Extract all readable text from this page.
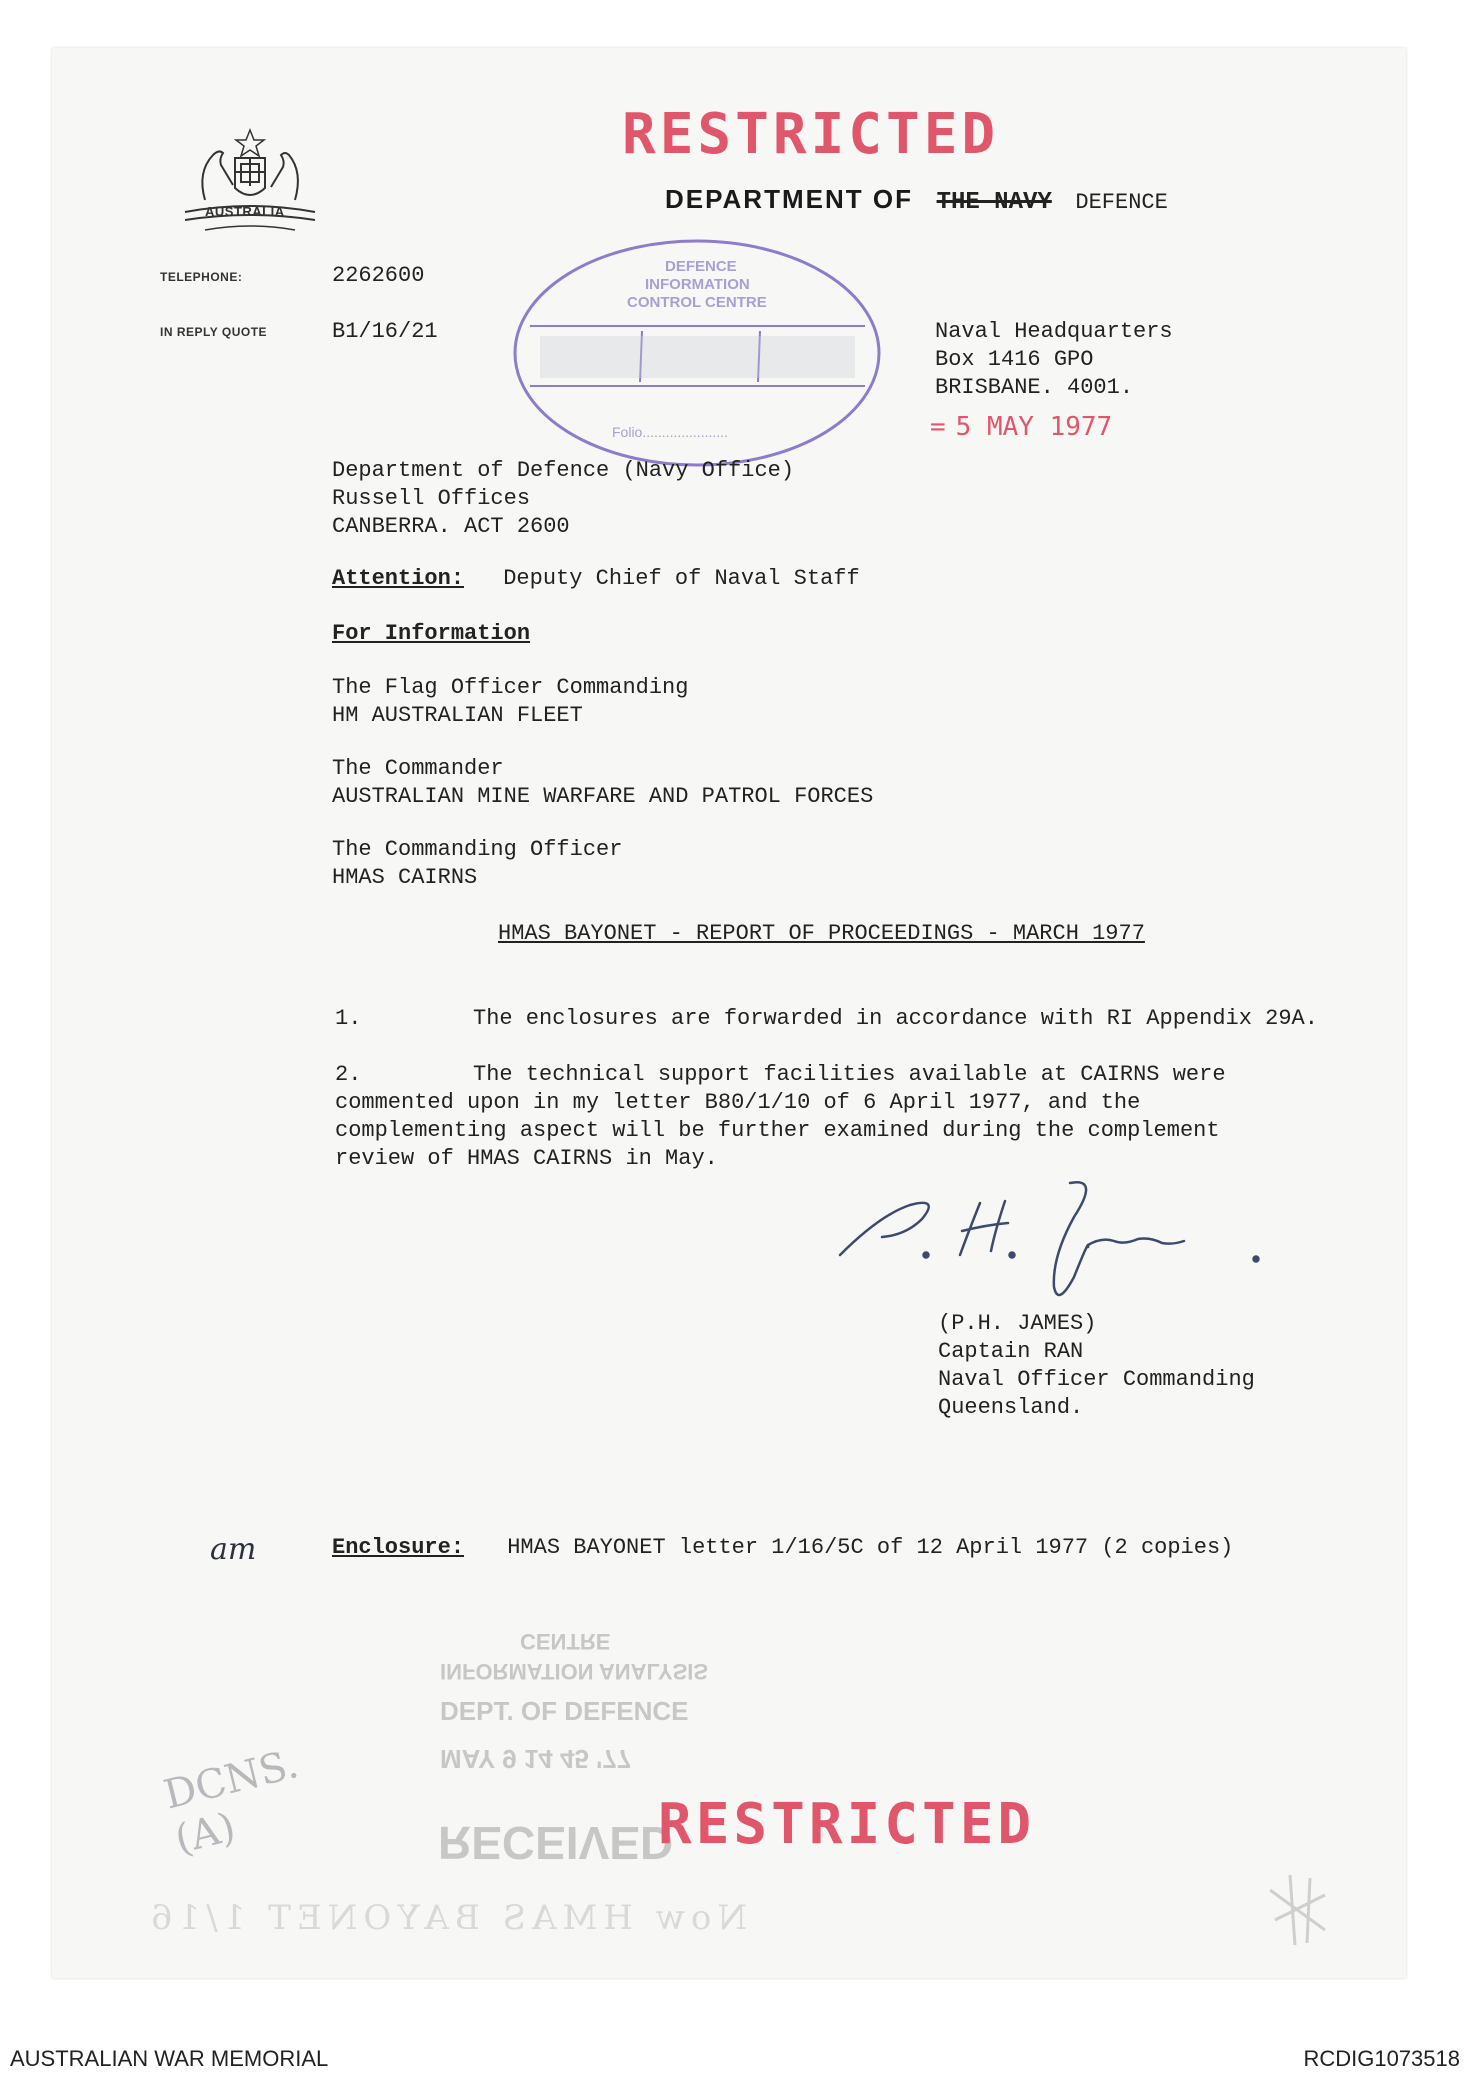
AUSTRALIA
RESTRICTED
DEPARTMENT OF THE NAVY DEFENCE
TELEPHONE:	2262600
IN REPLY QUOTE	B1/16/21
DEFENCE
INFORMATION
CONTROL CENTRE
Folio......................
Naval Headquarters
Box 1416 GPO
BRISBANE. 4001.
= 5 MAY 1977
Department of Defence (Navy Office)
Russell Offices
CANBERRA. ACT 2600
Attention: Deputy Chief of Naval Staff
For Information
The Flag Officer Commanding
HM AUSTRALIAN FLEET
The Commander
AUSTRALIAN MINE WARFARE AND PATROL FORCES
The Commanding Officer
HMAS CAIRNS
HMAS BAYONET - REPORT OF PROCEEDINGS - MARCH 1977
1.	The enclosures are forwarded in accordance with RI Appendix 29A.
2.	The technical support facilities available at CAIRNS were
commented upon in my letter B80/1/10 of 6 April 1977, and the
complementing aspect will be further examined during the complement
review of HMAS CAIRNS in May.
(P.H. JAMES)
Captain RAN
Naval Officer Commanding
Queensland.
am	Enclosure: HMAS BAYONET letter 1/16/5C of 12 April 1977 (2 copies)
CENTRE
INFORMATION ANALYSIS
DEPT. OF DEFENCE
MAY 9 14 45 '77
RECEIVED
DCNS. (A)	RESTRICTED
Now HMAS BAYONET 1/16
AUSTRALIAN WAR MEMORIAL	RCDIG1073518
